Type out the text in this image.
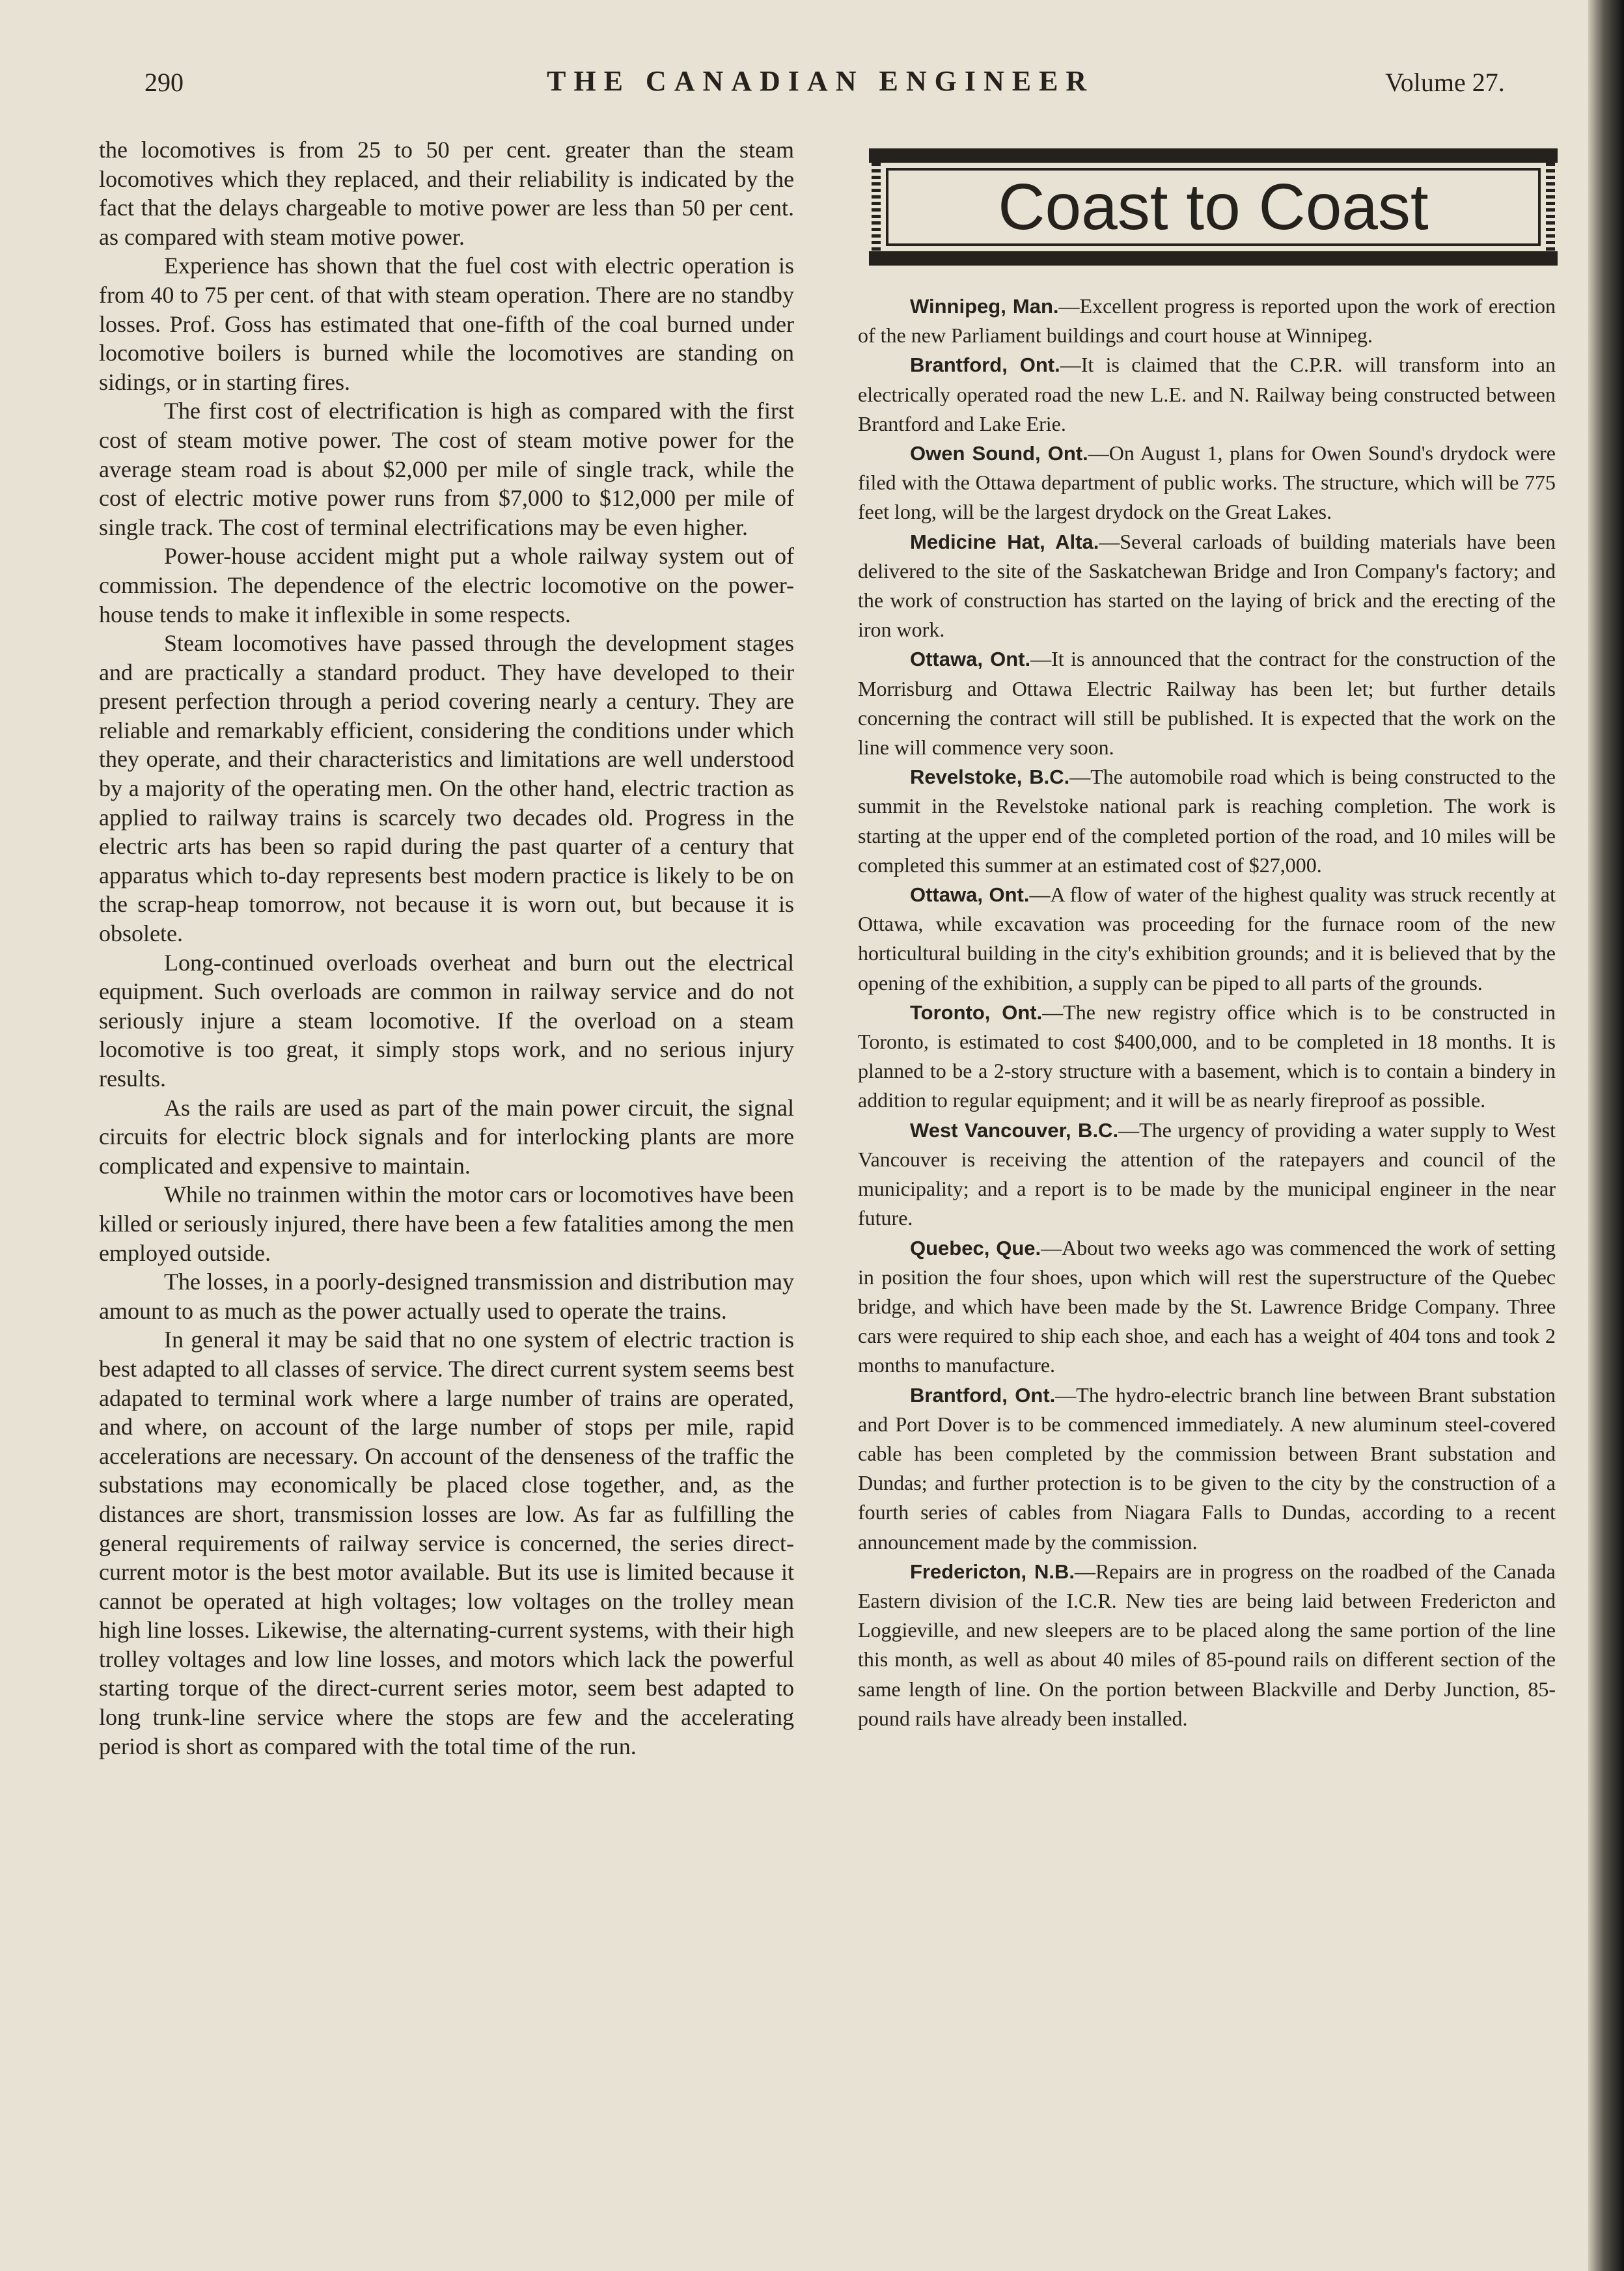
290	THE CANADIAN ENGINEER	Volume 27.

the locomotives is from 25 to 50 per cent. greater than the steam locomotives which they replaced, and their reliability is indicated by the fact that the delays chargeable to motive power are less than 50 per cent. as compared with steam motive power.

Experience has shown that the fuel cost with electric operation is from 40 to 75 per cent. of that with steam operation. There are no standby losses. Prof. Goss has estimated that one-fifth of the coal burned under locomotive boilers is burned while the locomotives are standing on sidings, or in starting fires.

The first cost of electrification is high as compared with the first cost of steam motive power. The cost of steam motive power for the average steam road is about $2,000 per mile of single track, while the cost of electric motive power runs from $7,000 to $12,000 per mile of single track. The cost of terminal electrifications may be even higher.

Power-house accident might put a whole railway system out of commission. The dependence of the electric locomotive on the power-house tends to make it inflexible in some respects.

Steam locomotives have passed through the development stages and are practically a standard product. They have developed to their present perfection through a period covering nearly a century. They are reliable and remarkably efficient, considering the conditions under which they operate, and their characteristics and limitations are well understood by a majority of the operating men. On the other hand, electric traction as applied to railway trains is scarcely two decades old. Progress in the electric arts has been so rapid during the past quarter of a century that apparatus which to-day represents best modern practice is likely to be on the scrap-heap tomorrow, not because it is worn out, but because it is obsolete.

Long-continued overloads overheat and burn out the electrical equipment. Such overloads are common in railway service and do not seriously injure a steam locomotive. If the overload on a steam locomotive is too great, it simply stops work, and no serious injury results.

As the rails are used as part of the main power circuit, the signal circuits for electric block signals and for interlocking plants are more complicated and expensive to maintain.

While no trainmen within the motor cars or locomotives have been killed or seriously injured, there have been a few fatalities among the men employed outside.

The losses, in a poorly-designed transmission and distribution may amount to as much as the power actually used to operate the trains.

In general it may be said that no one system of electric traction is best adapted to all classes of service. The direct current system seems best adapated to terminal work where a large number of trains are operated, and where, on account of the large number of stops per mile, rapid accelerations are necessary. On account of the denseness of the traffic the substations may economically be placed close together, and, as the distances are short, transmission losses are low. As far as fulfilling the general requirements of railway service is concerned, the series direct-current motor is the best motor available. But its use is limited because it cannot be operated at high voltages; low voltages on the trolley mean high line losses. Likewise, the alternating-current systems, with their high trolley voltages and low line losses, and motors which lack the powerful starting torque of the direct-current series motor, seem best adapted to long trunk-line service where the stops are few and the accelerating period is short as compared with the total time of the run.

Coast to Coast

Winnipeg, Man.—Excellent progress is reported upon the work of erection of the new Parliament buildings and court house at Winnipeg.

Brantford, Ont.—It is claimed that the C.P.R. will transform into an electrically operated road the new L.E. and N. Railway being constructed between Brantford and Lake Erie.

Owen Sound, Ont.—On August 1, plans for Owen Sound's drydock were filed with the Ottawa department of public works. The structure, which will be 775 feet long, will be the largest drydock on the Great Lakes.

Medicine Hat, Alta.—Several carloads of building materials have been delivered to the site of the Saskatchewan Bridge and Iron Company's factory; and the work of construction has started on the laying of brick and the erecting of the iron work.

Ottawa, Ont.—It is announced that the contract for the construction of the Morrisburg and Ottawa Electric Railway has been let; but further details concerning the contract will still be published. It is expected that the work on the line will commence very soon.

Revelstoke, B.C.—The automobile road which is being constructed to the summit in the Revelstoke national park is reaching completion. The work is starting at the upper end of the completed portion of the road, and 10 miles will be completed this summer at an estimated cost of $27,000.

Ottawa, Ont.—A flow of water of the highest quality was struck recently at Ottawa, while excavation was proceeding for the furnace room of the new horticultural building in the city's exhibition grounds; and it is believed that by the opening of the exhibition, a supply can be piped to all parts of the grounds.

Toronto, Ont.—The new registry office which is to be constructed in Toronto, is estimated to cost $400,000, and to be completed in 18 months. It is planned to be a 2-story structure with a basement, which is to contain a bindery in addition to regular equipment; and it will be as nearly fireproof as possible.

West Vancouver, B.C.—The urgency of providing a water supply to West Vancouver is receiving the attention of the ratepayers and council of the municipality; and a report is to be made by the municipal engineer in the near future.

Quebec, Que.—About two weeks ago was commenced the work of setting in position the four shoes, upon which will rest the superstructure of the Quebec bridge, and which have been made by the St. Lawrence Bridge Company. Three cars were required to ship each shoe, and each has a weight of 404 tons and took 2 months to manufacture.

Brantford, Ont.—The hydro-electric branch line between Brant substation and Port Dover is to be commenced immediately. A new aluminum steel-covered cable has been completed by the commission between Brant substation and Dundas; and further protection is to be given to the city by the construction of a fourth series of cables from Niagara Falls to Dundas, according to a recent announcement made by the commission.

Fredericton, N.B.—Repairs are in progress on the roadbed of the Canada Eastern division of the I.C.R. New ties are being laid between Fredericton and Loggieville, and new sleepers are to be placed along the same portion of the line this month, as well as about 40 miles of 85-pound rails on different section of the same length of line. On the portion between Blackville and Derby Junction, 85-pound rails have already been installed.
